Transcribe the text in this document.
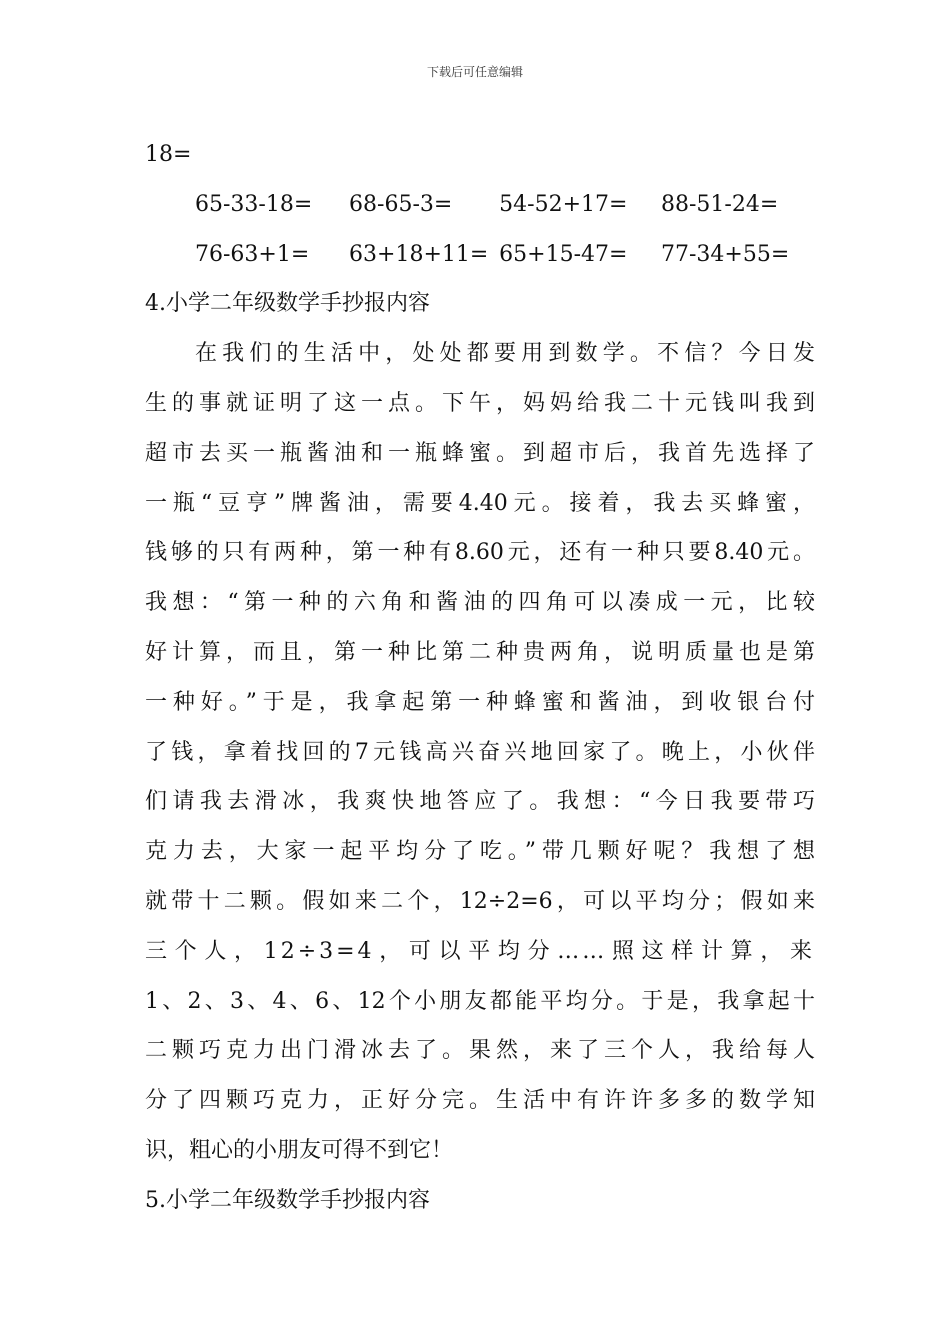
下载后可任意编辑
18=
65-33-18=	68-65-3=	54-52+17=	88-51-24=
76-63+1=	63+18+11= 65+15-47=	77-34+55=
4.小学二年级数学手抄报内容
在我们的生活中，处处都要用到数学。不信？今日发
生的事就证明了这一点。下午，妈妈给我二十元钱叫我到
超市去买一瓶酱油和一瓶蜂蜜。到超市后，我首先选择了
一瓶“豆亨”牌酱油，需要4.40元。接着，我去买蜂蜜，
钱够的只有两种，第一种有8.60元，还有一种只要8.40元。
我想：“第一种的六角和酱油的四角可以凑成一元，比较
好计算，而且，第一种比第二种贵两角，说明质量也是第
一种好。”于是，我拿起第一种蜂蜜和酱油，到收银台付
了钱，拿着找回的7元钱高兴奋兴地回家了。晚上，小伙伴
们请我去滑冰，我爽快地答应了。我想：“今日我要带巧
克力去，大家一起平均分了吃。”带几颗好呢？我想了想
就带十二颗。假如来二个，12÷2=6，可以平均分；假如来
三个人，12÷3=4，可以平均分……照这样计算，来
1、2、3、4、6、12个小朋友都能平均分。于是，我拿起十
二颗巧克力出门滑冰去了。果然，来了三个人，我给每人
分了四颗巧克力，正好分完。生活中有许许多多的数学知
识，粗心的小朋友可得不到它！
5.小学二年级数学手抄报内容
